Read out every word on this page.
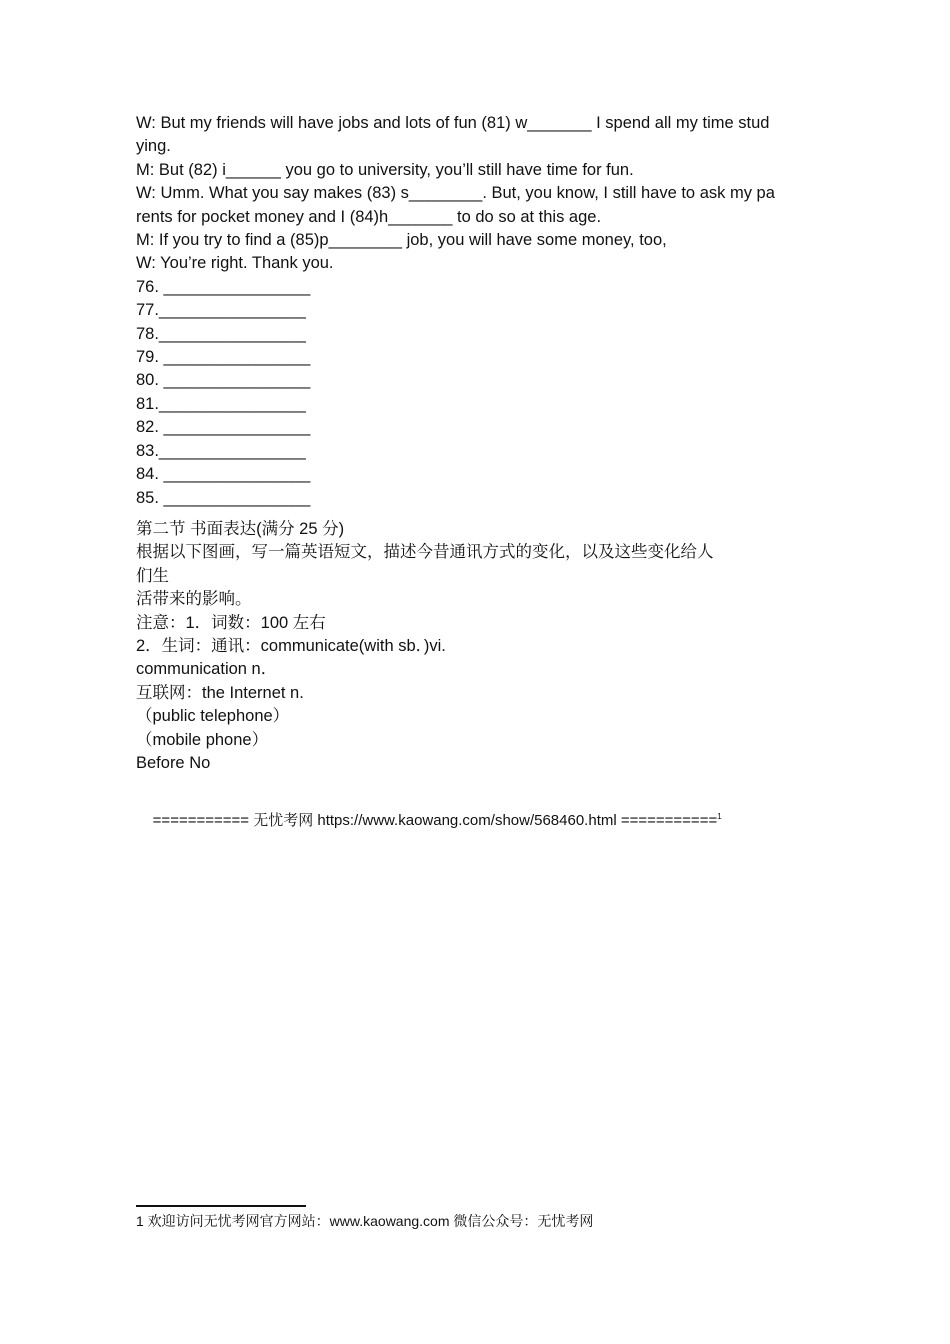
W: But my friends will have jobs and lots of fun (81) w_______ I spend all my time stud

ying.

M: But (82) i______ you go to university, you’ll still have time for fun.

W: Umm. What you say makes (83) s________. But, you know, I still have to ask my pa

rents for pocket money and I (84)h_______ to do so at this age.

M: If you try to find a (85)p________ job, you will have some money, too,

W: You’re right. Thank you.

76. ________________

77.________________

78.________________

79. ________________

80. ________________

81.________________

82. ________________

83.________________

84. ________________

85. ________________

第二节 书面表达(满分 25 分)

根据以下图画，写一篇英语短文，描述今昔通讯方式的变化，以及这些变化给人

们生

活带来的影响。

注意：1．词数：100 左右

2．生词：通讯：communicate(with sb．)vi.

communication n．

互联网：the Internet n.

（public telephone）

（mobile phone）

Before No

=========== 无忧考网 https://www.kaowang.com/show/568460.html ===========$^1$

1 欢迎访问无忧考网官方网站：www.kaowang.com 微信公众号：无忧考网
